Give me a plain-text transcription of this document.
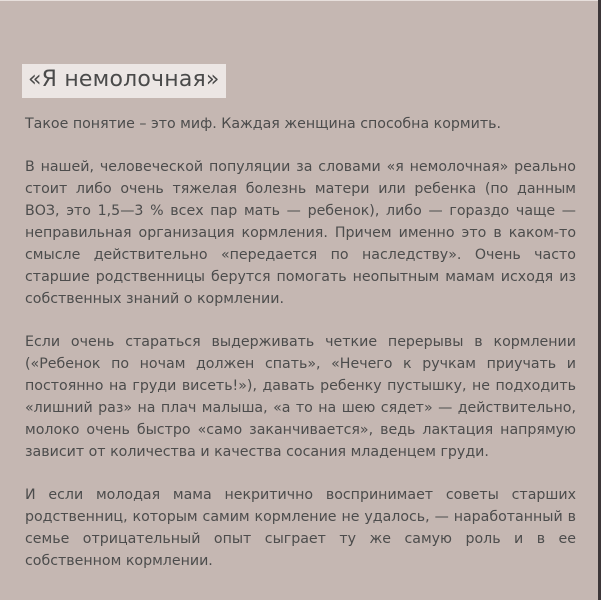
«Я немолочная»

Такое понятие – это миф. Каждая женщина способна кормить.

В нашей, человеческой популяции за словами «я немолочная» реально стоит либо очень тяжелая болезнь матери или ребенка (по данным ВОЗ, это 1,5—3 % всех пар мать — ребенок), либо — гораздо чаще — неправильная организация кормления. Причем именно это в каком-то смысле действительно «передается по наследству». Очень часто старшие родственницы берутся помогать неопытным мамам исходя из собственных знаний о кормлении.

Если очень стараться выдерживать четкие перерывы в кормлении («Ребенок по ночам должен спать», «Нечего к ручкам приучать и постоянно на груди висеть!»), давать ребенку пустышку, не подходить «лишний раз» на плач малыша, «а то на шею сядет» — действительно, молоко очень быстро «само заканчивается», ведь лактация напрямую зависит от количества и качества сосания младенцем груди.

И если молодая мама некритично воспринимает советы старших родственниц, которым самим кормление не удалось, — наработанный в семье отрицательный опыт сыграет ту же самую роль и в ее собственном кормлении.
